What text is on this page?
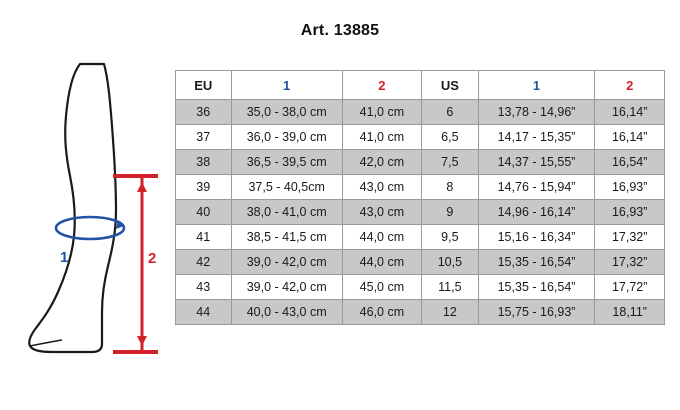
Art. 13885
1	2
EU	1	2	US	1	2
36	35,0 - 38,0 cm	41,0 cm	6	13,78 - 14,96”	16,14”
37	36,0 - 39,0 cm	41,0 cm	6,5	14,17 - 15,35”	16,14”
38	36,5 - 39,5 cm	42,0 cm	7,5	14,37 - 15,55”	16,54”
39	37,5 - 40,5cm	43,0 cm	8	14,76 - 15,94”	16,93”
40	38,0 - 41,0 cm	43,0 cm	9	14,96 - 16,14”	16,93”
41	38,5 - 41,5 cm	44,0 cm	9,5	15,16 - 16,34”	17,32”
42	39,0 - 42,0 cm	44,0 cm	10,5	15,35 - 16,54”	17,32”
43	39,0 - 42,0 cm	45,0 cm	11,5	15,35 - 16,54”	17,72”
44	40,0 - 43,0 cm	46,0 cm	12	15,75 - 16,93”	18,11”
